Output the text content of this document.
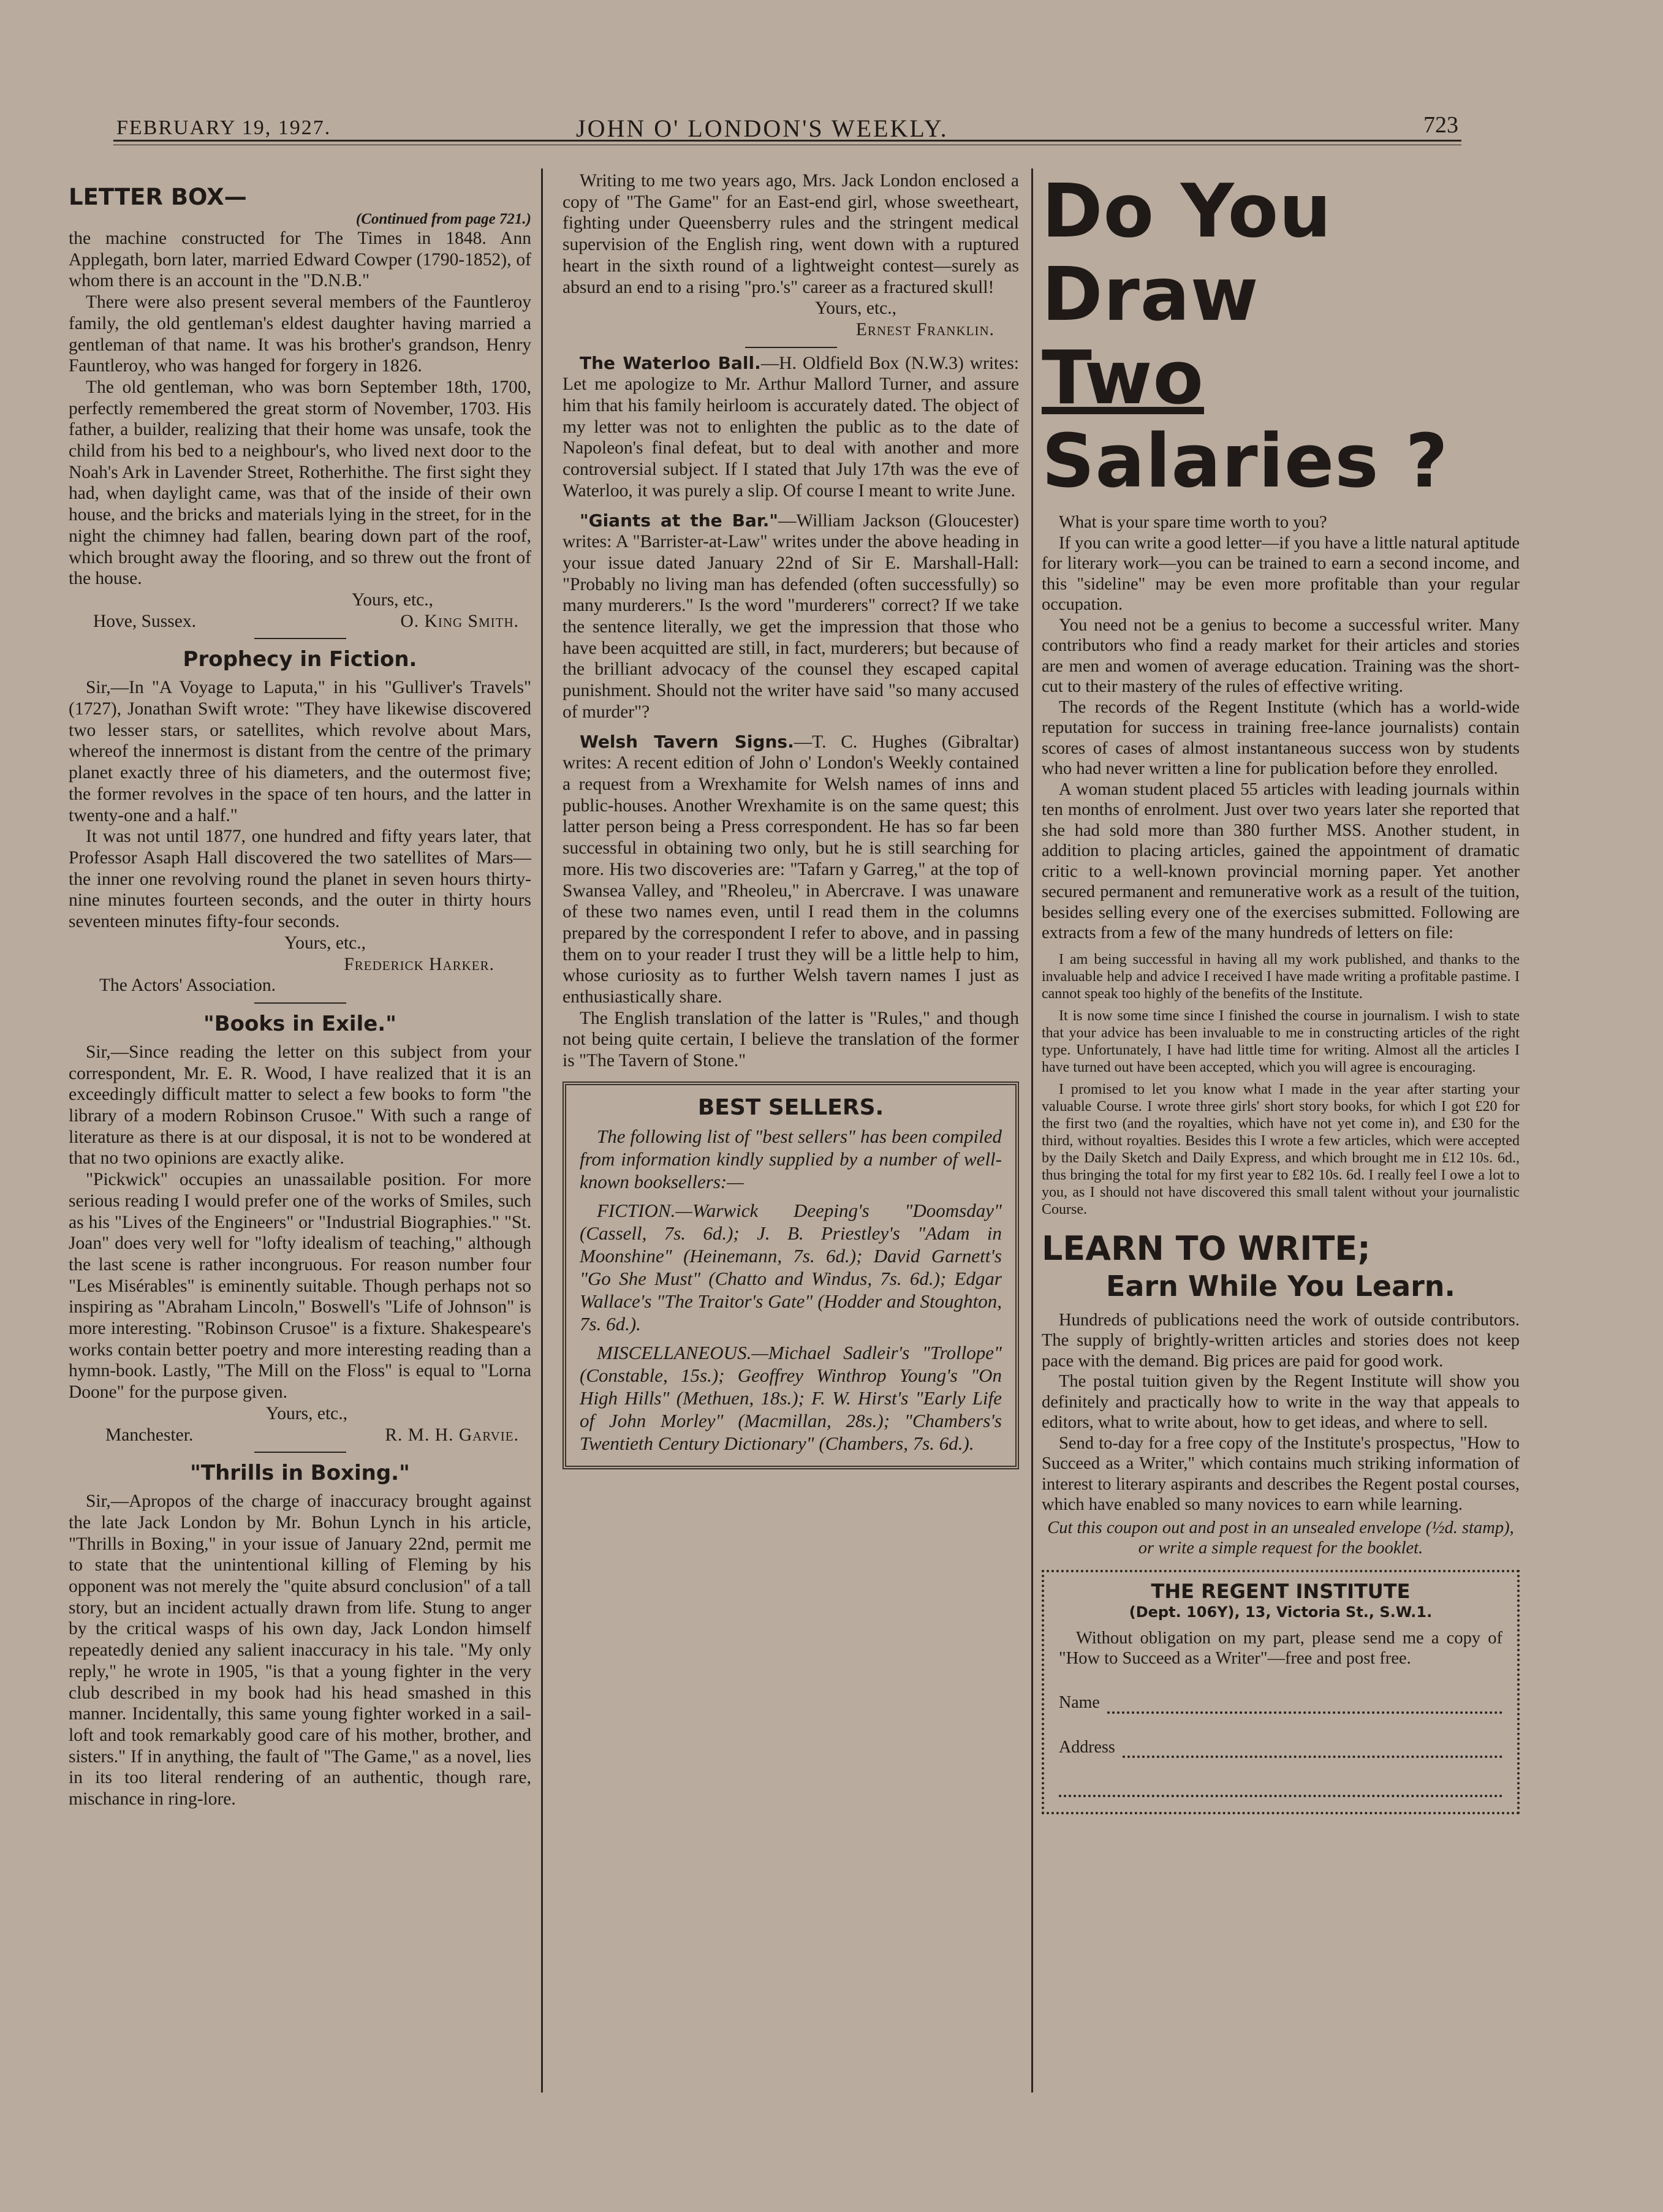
FEBRUARY 19, 1927.	JOHN O' LONDON'S WEEKLY.	723
LETTER BOX—
(Continued from page 721.)

the machine constructed for The Times in 1848. Ann Applegath, born later, married Edward Cowper (1790-1852), of whom there is an account in the "D.N.B."

There were also present several members of the Fauntleroy family, the old gentleman's eldest daughter having married a gentleman of that name. It was his brother's grandson, Henry Fauntleroy, who was hanged for forgery in 1826.

The old gentleman, who was born September 18th, 1700, perfectly remembered the great storm of November, 1703. His father, a builder, realizing that their home was unsafe, took the child from his bed to a neighbour's, who lived next door to the Noah's Ark in Lavender Street, Rotherhithe. The first sight they had, when daylight came, was that of the inside of their own house, and the bricks and materials lying in the street, for in the night the chimney had fallen, bearing down part of the roof, which brought away the flooring, and so threw out the front of the house.

Yours, etc.,

Hove, Sussex.	O. King Smith.
Prophecy in Fiction.

Sir,—In "A Voyage to Laputa," in his "Gulliver's Travels" (1727), Jonathan Swift wrote: "They have likewise discovered two lesser stars, or satellites, which revolve about Mars, whereof the innermost is distant from the centre of the primary planet exactly three of his diameters, and the outermost five; the former revolves in the space of ten hours, and the latter in twenty-one and a half."

It was not until 1877, one hundred and fifty years later, that Professor Asaph Hall discovered the two satellites of Mars—the inner one revolving round the planet in seven hours thirty-nine minutes fourteen seconds, and the outer in thirty hours seventeen minutes fifty-four seconds.

Yours, etc.,

Frederick Harker.

The Actors' Association.

"Books in Exile."

Sir,—Since reading the letter on this subject from your correspondent, Mr. E. R. Wood, I have realized that it is an exceedingly difficult matter to select a few books to form "the library of a modern Robinson Crusoe." With such a range of literature as there is at our disposal, it is not to be wondered at that no two opinions are exactly alike.

"Pickwick" occupies an unassailable position. For more serious reading I would prefer one of the works of Smiles, such as his "Lives of the Engineers" or "Industrial Biographies." "St. Joan" does very well for "lofty idealism of teaching," although the last scene is rather incongruous. For reason number four "Les Misérables" is eminently suitable. Though perhaps not so inspiring as "Abraham Lincoln," Boswell's "Life of Johnson" is more interesting. "Robinson Crusoe" is a fixture. Shakespeare's works contain better poetry and more interesting reading than a hymn-book. Lastly, "The Mill on the Floss" is equal to "Lorna Doone" for the purpose given.

Yours, etc.,

Manchester.	R. M. H. Garvie.
"Thrills in Boxing."

Sir,—Apropos of the charge of inaccuracy brought against the late Jack London by Mr. Bohun Lynch in his article, "Thrills in Boxing," in your issue of January 22nd, permit me to state that the unintentional killing of Fleming by his opponent was not merely the "quite absurd conclusion" of a tall story, but an incident actually drawn from life. Stung to anger by the critical wasps of his own day, Jack London himself repeatedly denied any salient inaccuracy in his tale. "My only reply," he wrote in 1905, "is that a young fighter in the very club described in my book had his head smashed in this manner. Incidentally, this same young fighter worked in a sail-loft and took remarkably good care of his mother, brother, and sisters." If in anything, the fault of "The Game," as a novel, lies in its too literal rendering of an authentic, though rare, mischance in ring-lore.

Writing to me two years ago, Mrs. Jack London enclosed a copy of "The Game" for an East-end girl, whose sweetheart, fighting under Queensberry rules and the stringent medical supervision of the English ring, went down with a ruptured heart in the sixth round of a lightweight contest—surely as absurd an end to a rising "pro.'s" career as a fractured skull!

Yours, etc.,

Ernest Franklin.

The Waterloo Ball.—H. Oldfield Box (N.W.3) writes: Let me apologize to Mr. Arthur Mallord Turner, and assure him that his family heirloom is accurately dated. The object of my letter was not to enlighten the public as to the date of Napoleon's final defeat, but to deal with another and more controversial subject. If I stated that July 17th was the eve of Waterloo, it was purely a slip. Of course I meant to write June.

"Giants at the Bar."—William Jackson (Gloucester) writes: A "Barrister-at-Law" writes under the above heading in your issue dated January 22nd of Sir E. Marshall-Hall: "Probably no living man has defended (often successfully) so many murderers." Is the word "murderers" correct? If we take the sentence literally, we get the impression that those who have been acquitted are still, in fact, murderers; but because of the brilliant advocacy of the counsel they escaped capital punishment. Should not the writer have said "so many accused of murder"?

Welsh Tavern Signs.—T. C. Hughes (Gibraltar) writes: A recent edition of John o' London's Weekly contained a request from a Wrexhamite for Welsh names of inns and public-houses. Another Wrexhamite is on the same quest; this latter person being a Press correspondent. He has so far been successful in obtaining two only, but he is still searching for more. His two discoveries are: "Tafarn y Garreg," at the top of Swansea Valley, and "Rheoleu," in Abercrave. I was unaware of these two names even, until I read them in the columns prepared by the correspondent I refer to above, and in passing them on to your reader I trust they will be a little help to him, whose curiosity as to further Welsh tavern names I just as enthusiastically share.

The English translation of the latter is "Rules," and though not being quite certain, I believe the translation of the former is "The Tavern of Stone."

BEST SELLERS.

The following list of "best sellers" has been compiled from information kindly supplied by a number of well-known booksellers:—

FICTION.—Warwick Deeping's "Doomsday" (Cassell, 7s. 6d.); J. B. Priestley's "Adam in Moonshine" (Heinemann, 7s. 6d.); David Garnett's "Go She Must" (Chatto and Windus, 7s. 6d.); Edgar Wallace's "The Traitor's Gate" (Hodder and Stoughton, 7s. 6d.).

MISCELLANEOUS.—Michael Sadleir's "Trollope" (Constable, 15s.); Geoffrey Winthrop Young's "On High Hills" (Methuen, 18s.); F. W. Hirst's "Early Life of John Morley" (Macmillan, 28s.); "Chambers's Twentieth Century Dictionary" (Chambers, 7s. 6d.).

Do You
Draw
Two
Salaries ?

What is your spare time worth to you?

If you can write a good letter—if you have a little natural aptitude for literary work—you can be trained to earn a second income, and this "sideline" may be even more profitable than your regular occupation.

You need not be a genius to become a successful writer. Many contributors who find a ready market for their articles and stories are men and women of average education. Training was the short-cut to their mastery of the rules of effective writing.

The records of the Regent Institute (which has a world-wide reputation for success in training free-lance journalists) contain scores of cases of almost instantaneous success won by students who had never written a line for publication before they enrolled.

A woman student placed 55 articles with leading journals within ten months of enrolment. Just over two years later she reported that she had sold more than 380 further MSS. Another student, in addition to placing articles, gained the appointment of dramatic critic to a well-known provincial morning paper. Yet another secured permanent and remunerative work as a result of the tuition, besides selling every one of the exercises submitted. Following are extracts from a few of the many hundreds of letters on file:

I am being successful in having all my work published, and thanks to the invaluable help and advice I received I have made writing a profitable pastime. I cannot speak too highly of the benefits of the Institute.

It is now some time since I finished the course in journalism. I wish to state that your advice has been invaluable to me in constructing articles of the right type. Unfortunately, I have had little time for writing. Almost all the articles I have turned out have been accepted, which you will agree is encouraging.

I promised to let you know what I made in the year after starting your valuable Course. I wrote three girls' short story books, for which I got £20 for the first two (and the royalties, which have not yet come in), and £30 for the third, without royalties. Besides this I wrote a few articles, which were accepted by the Daily Sketch and Daily Express, and which brought me in £12 10s. 6d., thus bringing the total for my first year to £82 10s. 6d. I really feel I owe a lot to you, as I should not have discovered this small talent without your journalistic Course.

LEARN TO WRITE;
Earn While You Learn.

Hundreds of publications need the work of outside contributors. The supply of brightly-written articles and stories does not keep pace with the demand. Big prices are paid for good work.

The postal tuition given by the Regent Institute will show you definitely and practically how to write in the way that appeals to editors, what to write about, how to get ideas, and where to sell.

Send to-day for a free copy of the Institute's prospectus, "How to Succeed as a Writer," which contains much striking information of interest to literary aspirants and describes the Regent postal courses, which have enabled so many novices to earn while learning.

Cut this coupon out and post in an unsealed envelope (½d. stamp), or write a simple request for the booklet.

THE REGENT INSTITUTE
(Dept. 106Y), 13, Victoria St., S.W.1.

Without obligation on my part, please send me a copy of "How to Succeed as a Writer"—free and post free.

Name
Address
